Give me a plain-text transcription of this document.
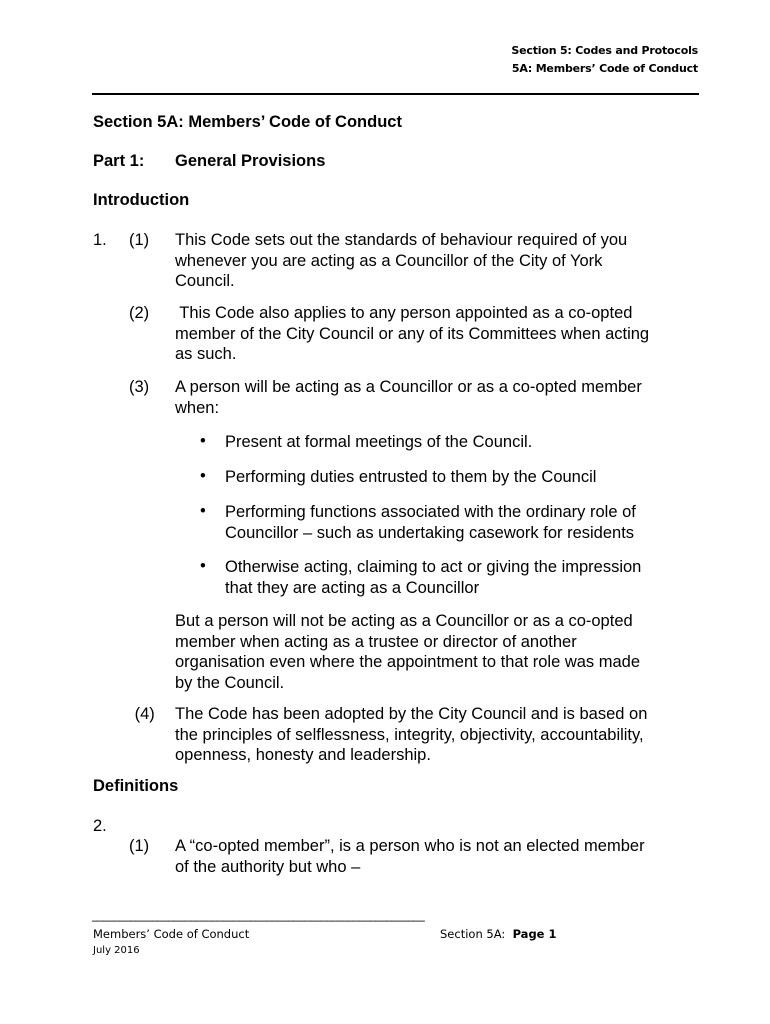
Section 5: Codes and Protocols
5A: Members’ Code of Conduct
Section 5A: Members’ Code of Conduct
Part 1: General Provisions
Introduction
1. (1) This Code sets out the standards of behaviour required of you
whenever you are acting as a Councillor of the City of York
Council.
(2) This Code also applies to any person appointed as a co-opted
member of the City Council or any of its Committees when acting
as such.
(3) A person will be acting as a Councillor or as a co-opted member
when:
• Present at formal meetings of the Council.
• Performing duties entrusted to them by the Council
• Performing functions associated with the ordinary role of
Councillor – such as undertaking casework for residents
• Otherwise acting, claiming to act or giving the impression
that they are acting as a Councillor
But a person will not be acting as a Councillor or as a co-opted
member when acting as a trustee or director of another
organisation even where the appointment to that role was made
by the Council.
(4) The Code has been adopted by the City Council and is based on
the principles of selflessness, integrity, objectivity, accountability,
openness, honesty and leadership.
Definitions
2.
(1) A “co-opted member”, is a person who is not an elected member
of the authority but who –
_____________________________________________________________
Members’ Code of Conduct	Section 5A:  Page 1
July 2016
